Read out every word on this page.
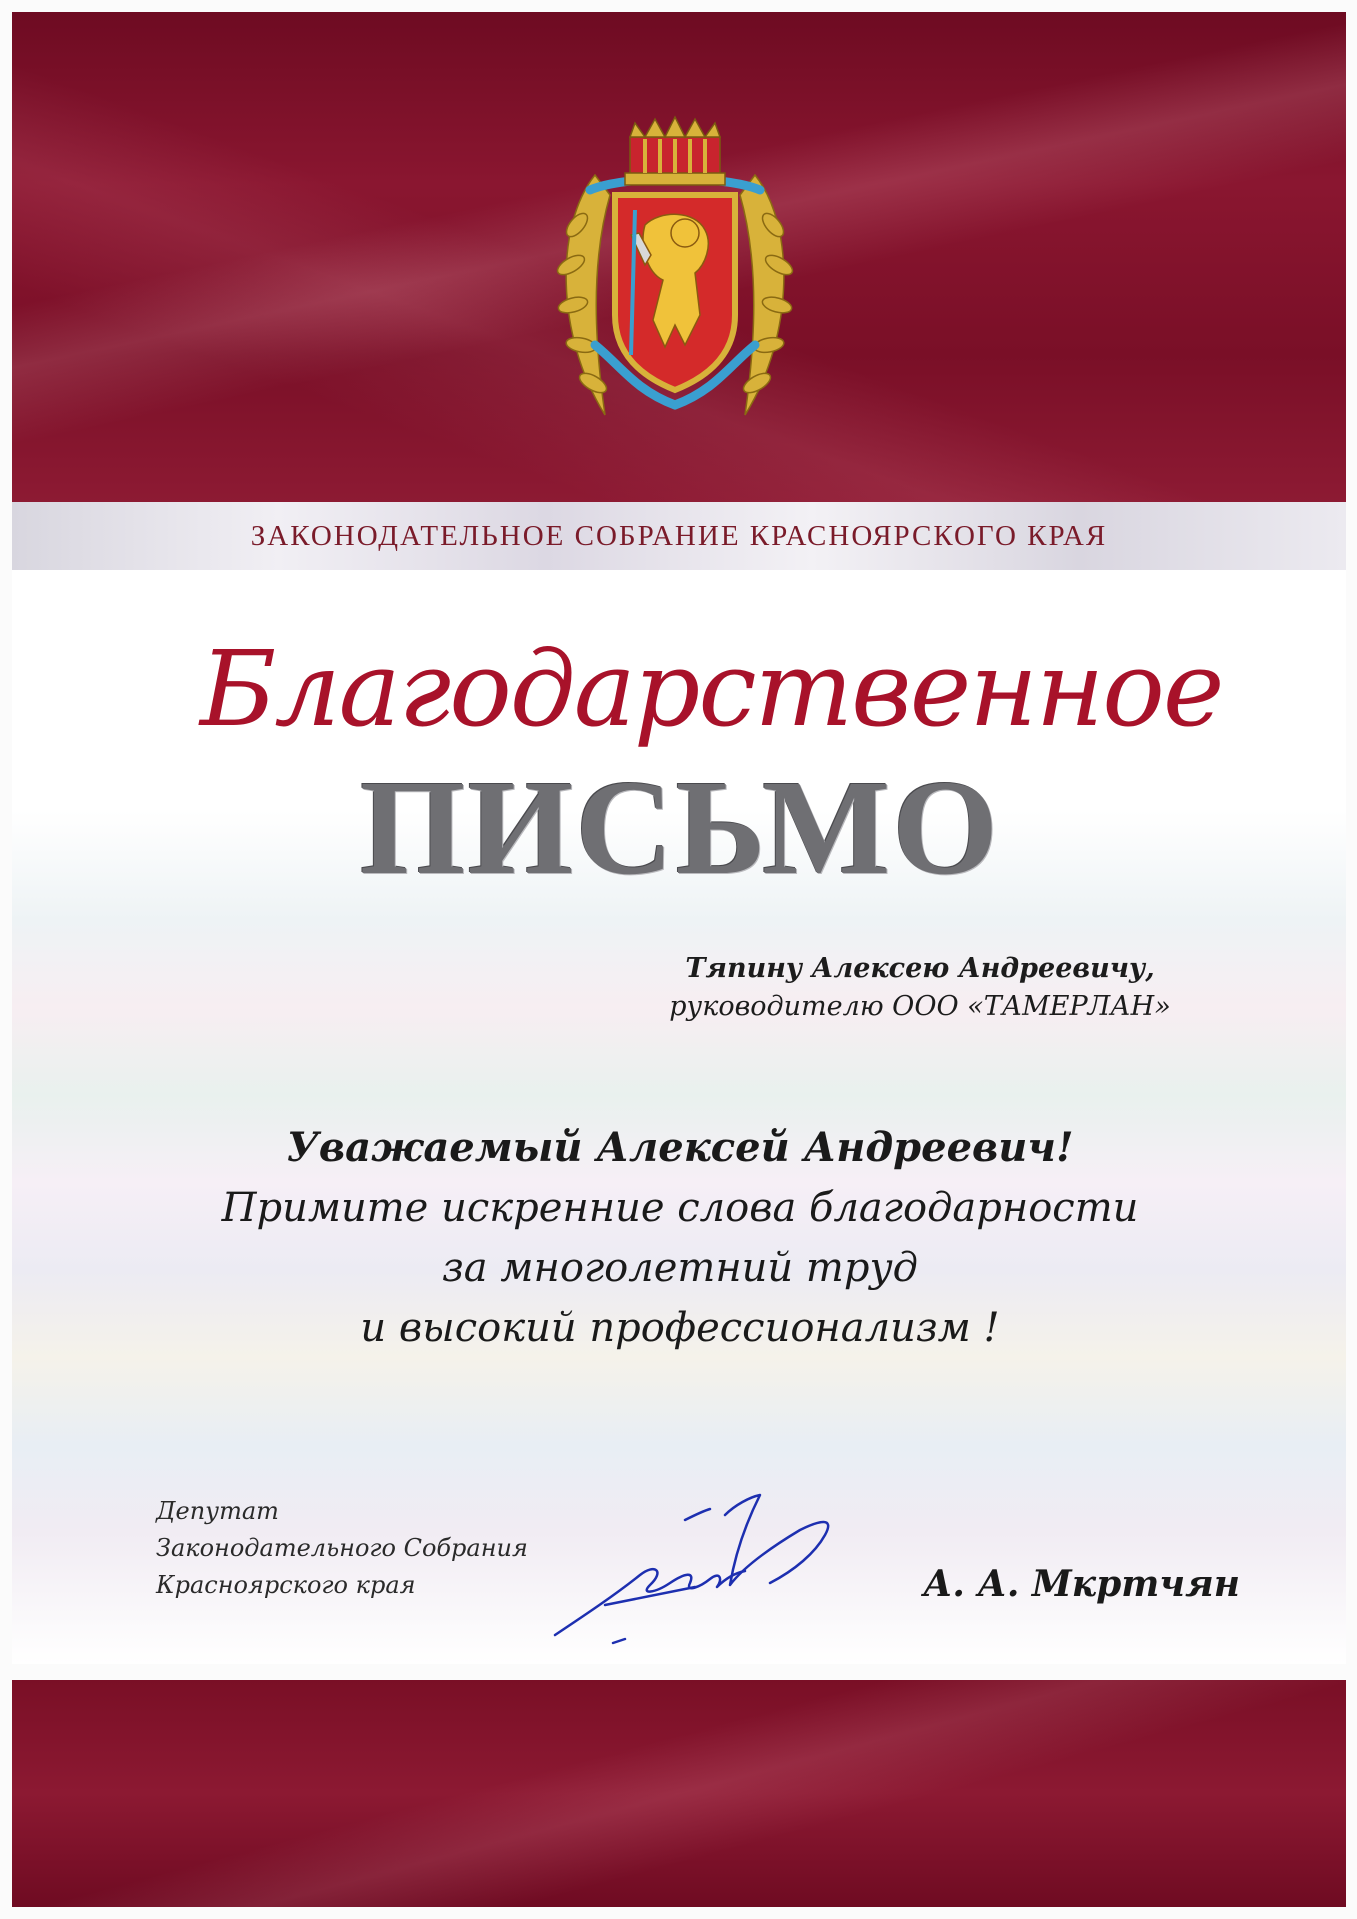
ЗАКОНОДАТЕЛЬНОЕ СОБРАНИЕ КРАСНОЯРСКОГО КРАЯ
Благодарственное
ПИСЬМО
Тяпину Алексею Андреевичу,
руководителю ООО «ТАМЕРЛАН»
Уважаемый Алексей Андреевич!
Примите искренние слова благодарности
за многолетний труд
и высокий профессионализм !
Депутат
Законодательного Собрания
Красноярского края	А. А. Мкртчян
